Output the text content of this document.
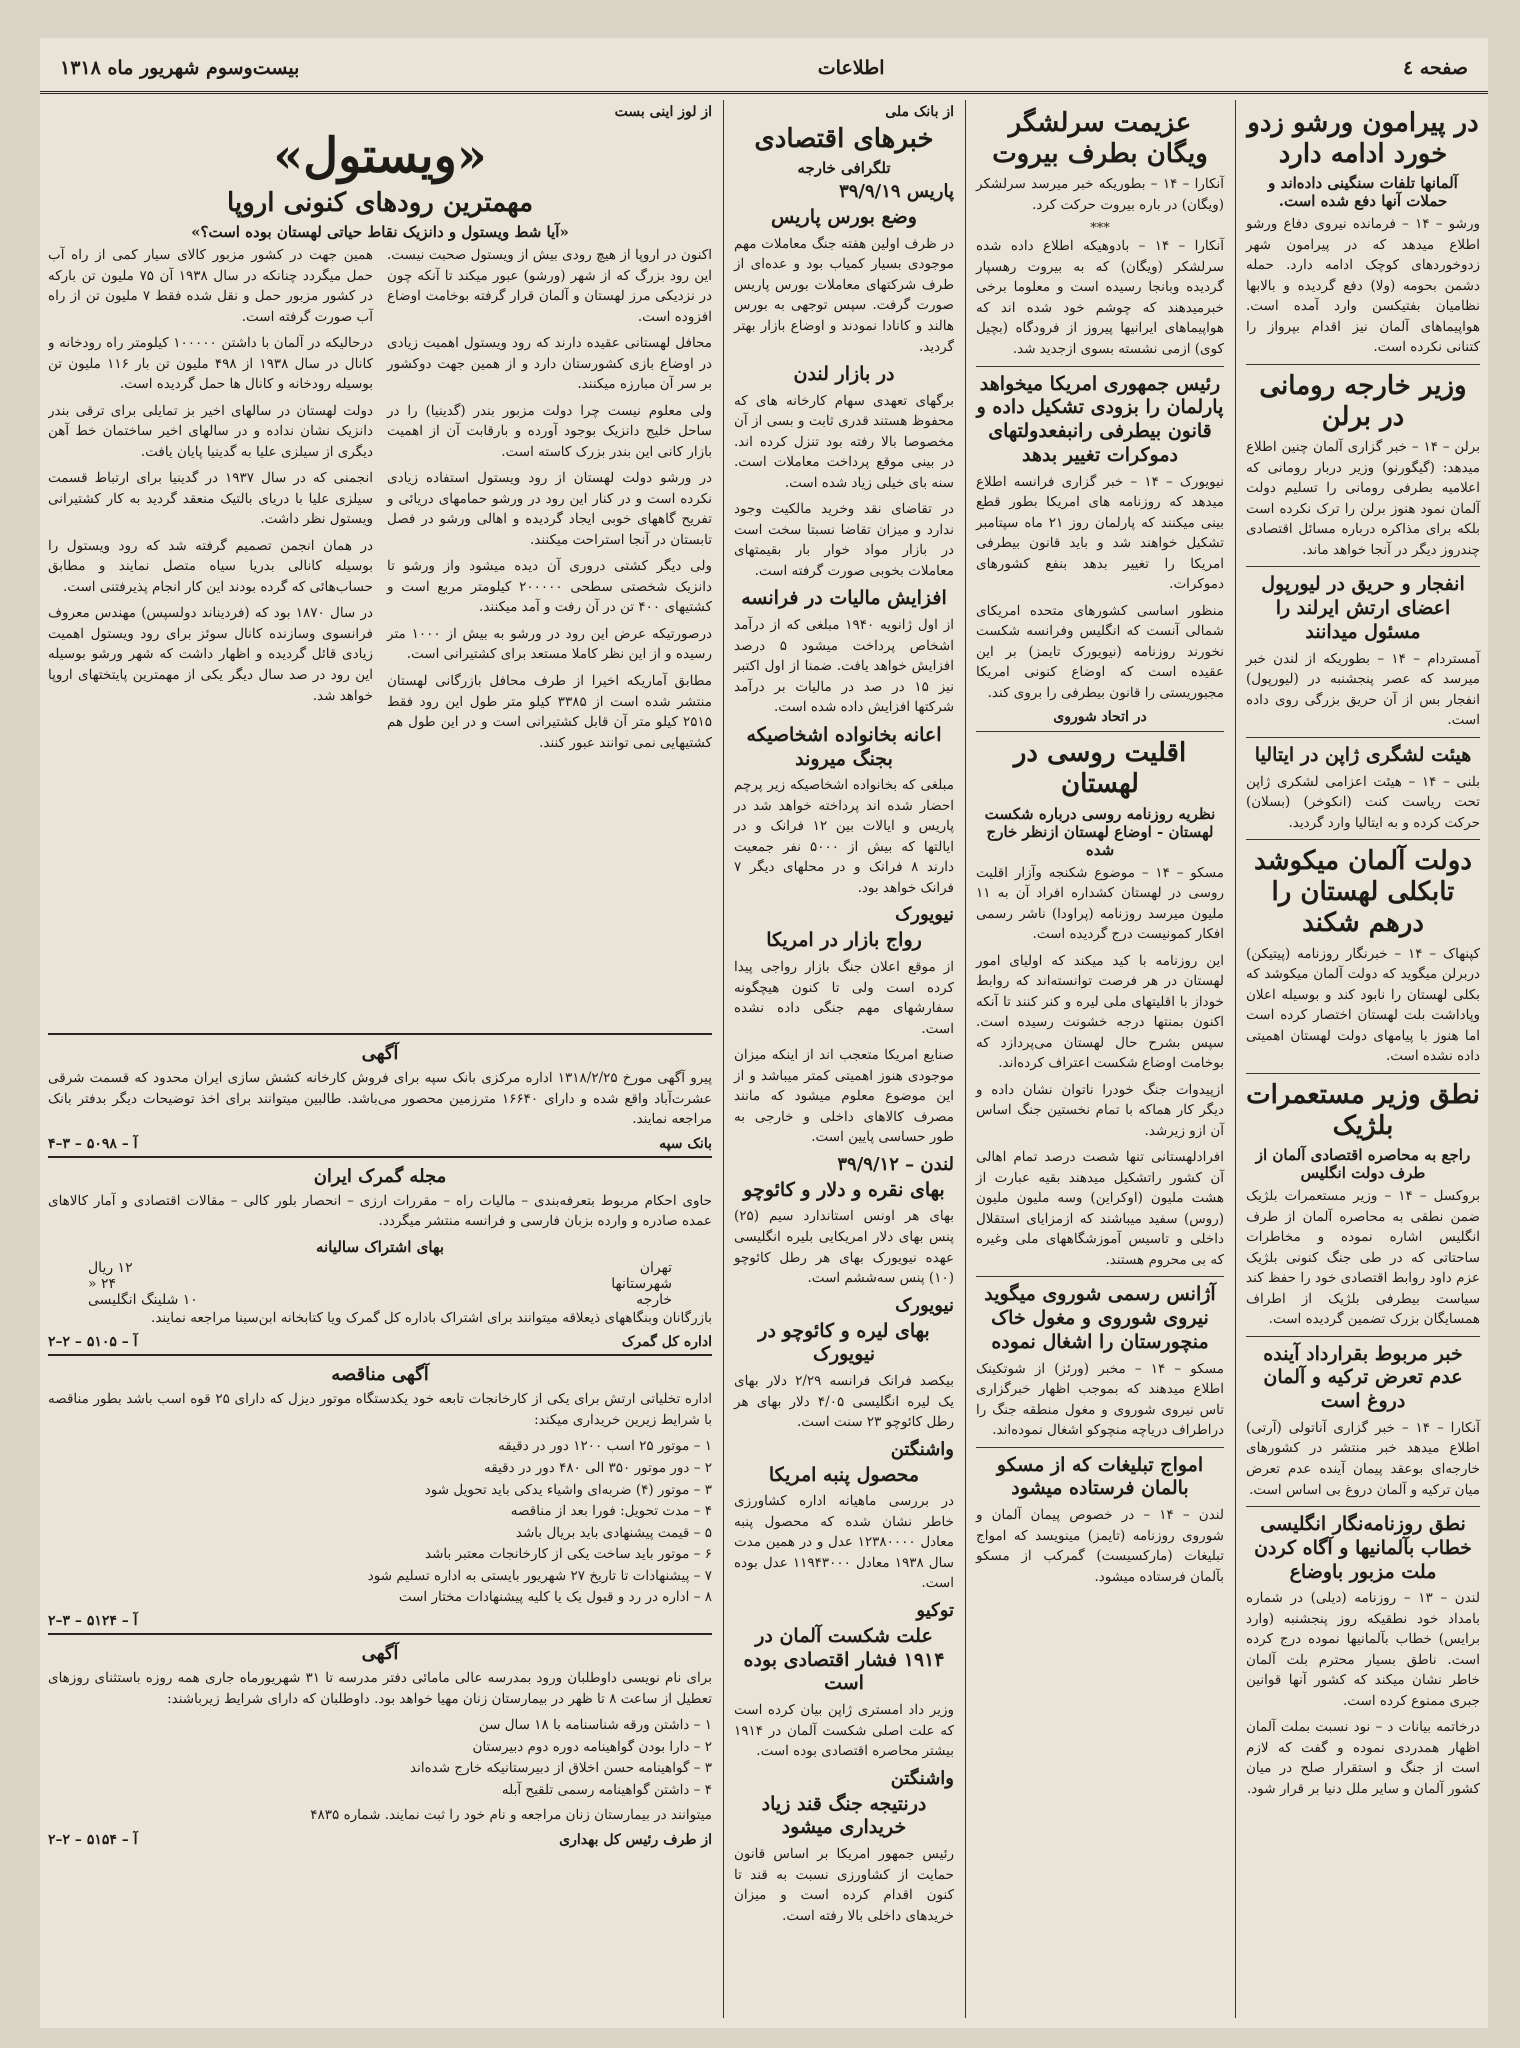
صفحه ٤
اطلاعات
بیست‌وسوم شهریور ماه ۱۳۱۸
در پیرامون ورشو زدو خورد ادامه دارد
آلمانها تلفات سنگینی داده‌اند و حملات آنها دفع شده است.

ورشو – ۱۴ – فرمانده نیروی دفاع ورشو اطلاع میدهد که در پیرامون شهر زدوخوردهای کوچک ادامه دارد. حمله دشمن بحومه (ولا) دفع گردیده و بالابها نظامیان بفتیکسن وارد آمده است. هواپیماهای آلمان نیز اقدام بپرواز را کتنانی نکرده است.

وزیر خارجه رومانی در برلن

برلن – ۱۴ – خبر گزاری آلمان چنین اطلاع میدهد: (گیگورنو) وزیر دربار رومانی که اعلامیه بطرفی رومانی را تسلیم دولت آلمان نمود هنوز برلن را ترک نکرده است بلکه برای مذاکره درباره مسائل اقتصادی چندروز دیگر در آنجا خواهد ماند.

انفجار و حریق در لیورپول اعضای ارتش ایرلند را مسئول میدانند

آمستردام – ۱۴ – بطوریکه از لندن خبر میرسد که عصر پنجشنبه در (لیورپول) انفجار بس از آن حریق بزرگی روی داده است.

هیئت لشگری ژاپن در ایتالیا

بلنی – ۱۴ – هیئت اعزامی لشکری ژاپن تحت ریاست کنت (انکوخر) (بسلان) حرکت کرده و به ایتالیا وارد گردید.

دولت آلمان میکوشد تابکلی لهستان را درهم شکند

کپنهاک – ۱۴ – خبرنگار روزنامه (پیتیکن) دربرلن میگوید که دولت آلمان میکوشد که بکلی لهستان را نابود کند و بوسیله اعلان وپاداشت بلت لهستان اختصار کرده است اما هنوز با پیامهای دولت لهستان اهمیتی داده نشده است.

نطق وزیر مستعمرات بلژیک
راجع به محاصره اقتصادی آلمان از طرف دولت انگلیس

بروکسل – ۱۴ – وزیر مستعمرات بلژیک ضمن نطقی به محاصره آلمان از طرف انگلیس اشاره نموده و مخاطرات ساحتاتی که در طی جنگ کنونی بلژیک عزم داود روابط اقتصادی خود را حفظ کند سیاست بیطرفی بلژیک از اطراف همسایگان بزرک تضمین گردیده است.

خبر مربوط بقرارداد آینده عدم تعرض ترکیه و آلمان دروغ است

آنکارا – ۱۴ – خبر گزاری آناتولی (آرتی) اطلاع میدهد خبر منتشر در کشورهای خارجه‌ای بوعقد پیمان آینده عدم تعرض میان ترکیه و آلمان دروغ بی اساس است.

نطق روزنامه‌نگار انگلیسی خطاب بآلمانیها و آگاه کردن ملت مزبور باوضاع

لندن – ۱۳ – روزنامه (دیلی) در شماره بامداد خود نطقیکه روز پنجشنبه (وارد برایس) خطاب بآلمانیها نموده درج کرده است. ناطق بسیار محترم بلت آلمان خاطر نشان میکند که کشور آنها قوانین جبری ممنوع کرده است.

درخاتمه بیانات د – نود نسبت بملت آلمان اظهار همدردی نموده و گفت که لازم است از جنگ و استقرار صلح در میان کشور آلمان و سایر ملل دنیا بر قرار شود.

عزیمت سرلشگر ویگان بطرف بیروت

آنکارا – ۱۴ – بطوریکه خبر میرسد سرلشکر (ویگان) در باره بیروت حرکت کرد.

***

آنکارا – ۱۴ – بادوهیکه اطلاع داده شده سرلشکر (ویگان) که به بیروت رهسپار گردیده وبانجا رسیده است و معلوما برخی خبرمیدهند که چوشم خود شده اند که هواپیماهای ایرانیها پیروز از فرودگاه (بچیل کوی) ازمی نشسته بسوی ازجدید شد.

رئیس جمهوری امریکا میخواهد پارلمان را بزودی تشکیل داده و قانون بیطرفی رانبفعدولتهای دموکرات تغییر بدهد

نیویورک – ۱۴ – خبر گزاری فرانسه اطلاع میدهد که روزنامه های امریکا بطور قطع بینی میکنند که پارلمان روز ۲۱ ماه سپتامبر تشکیل خواهند شد و باید قانون بیطرفی امریکا را تغییر بدهد بنفع کشورهای دموکرات.

منظور اساسی کشورهای متحده امریکای شمالی آنست که انگلیس وفرانسه شکست نخورند روزنامه (نیویورک تایمز) بر این عقیده است که اوضاع کنونی امریکا مجبوریستی را قانون بیطرفی را بروی کند.

در اتحاد شوروی
اقلیت روسی در لهستان
نظریه روزنامه روسی درباره شکست لهستان - اوضاع لهستان ازنظر خارج شده

مسکو – ۱۴ – موضوع شکنجه وآزار اقلیت روسی در لهستان کشداره افراد آن به ۱۱ ملیون میرسد روزنامه (پراودا) ناشر رسمی افکار کمونیست درج گردیده است.

این روزنامه با کید میکند که اولیای امور لهستان در هر فرصت توانسته‌اند که روابط خوداز با اقلیتهای ملی لیره و کنر کنند تا آنکه اکنون بمنتها درجه خشونت رسیده است. سپس بشرح حال لهستان می‌پردازد که بوخامت اوضاع شکست اعتراف کرده‌اند.

ازپیدوات جنگ خودرا ناتوان نشان داده و دیگر کار هماکه با تمام نخستین جنگ اساس آن ازو زیرشد.

افرادلهستانی تنها شصت درصد تمام اهالی آن کشور راتشکیل میدهند بقیه عبارت از هشت ملیون (اوکراین) وسه ملیون ملیون (روس) سفید میباشند که ازمزایای استقلال داخلی و تاسیس آموزشگاههای ملی وغیره که بی محروم هستند.

آژانس رسمی شوروی میگوید نیروی شوروی و مغول خاک منچورستان را اشغال نموده

مسکو – ۱۴ – مخبر (ورئز) از شوتکینک اطلاع میدهند که بموجب اظهار خبرگزاری تاس نیروی شوروی و مغول منطقه جنگ را دراطراف دریاچه منچوکو اشغال نموده‌اند.

امواج تبلیغات که از مسکو بالمان فرستاده میشود

لندن – ۱۴ – در خصوص پیمان آلمان و شوروی روزنامه (تایمز) مینویسد که امواج تبلیغات (مارکسیست) گمرکب از مسکو بآلمان فرستاده میشود.

از بانک ملی
خبرهای اقتصادی
تلگرافی خارجه
پاریس ۳۹/۹/۱۹
وضع بورس پاریس

در ظرف اولین هفته جنگ معاملات مهم موجودی بسیار کمیاب بود و عده‌ای از طرف شرکتهای معاملات بورس پاریس صورت گرفت. سپس توجهی به بورس هالند و کانادا نمودند و اوضاع بازار بهتر گردید.

در بازار لندن

برگهای تعهدی سهام کارخانه های که محفوظ هستند قدری ثابت و بسی از آن مخصوصا بالا رفته بود تنزل کرده اند. در بینی موقع پرداخت معاملات است. سنه بای خیلی زیاد شده است.

در تقاضای نقد وخرید مالکیت وجود ندارد و میزان تقاضا نسبتا سخت است در بازار مواد خوار بار بقیمتهای معاملات بخوبی صورت گرفته است.

افزایش مالیات در فرانسه

از اول ژانویه ۱۹۴۰ مبلغی که از درآمد اشخاص پرداخت میشود ۵ درصد افزایش خواهد یافت. ضمنا از اول اکتبر نیز ۱۵ در صد در مالیات بر درآمد شرکتها افزایش داده شده است.

اعانه بخانواده اشخاصیکه بجنگ میروند

مبلغی که بخانواده اشخاصیکه زیر پرچم احضار شده اند پرداخته خواهد شد در پاریس و ایالات بین ۱۲ فرانک و در ایالتها که بیش از ۵۰۰۰ نفر جمعیت دارند ۸ فرانک و در محلهای دیگر ۷ فرانک خواهد بود.

نیویورک
رواج بازار در امریکا

از موقع اعلان جنگ بازار رواجی پیدا کرده است ولی تا کنون هیچگونه سفارشهای مهم جنگی داده نشده است.

صنایع امریکا متعجب اند از اینکه میزان موجودی هنوز اهمیتی کمتر میباشد و از این موضوع معلوم میشود که مانند مصرف کالاهای داخلی و خارجی به طور حساسی پایین است.

لندن – ۳۹/۹/۱۲
بهای نقره و دلار و کائوچو

بهای هر اونس استاندارد سیم (۲۵) پنس بهای دلار امریکایی بلیره انگلیسی عهده نیویورک بهای هر رطل کائوچو (۱۰) پنس سه‌ششم است.

نیویورک
بهای لیره و کائوچو در نیویورک

بیکصد فرانک فرانسه ۲/۲۹ دلار بهای یک لیره انگلیسی ۴/۰۵ دلار بهای هر رطل کائوچو ۲۳ سنت است.

واشنگتن
محصول پنبه امریکا

در بررسی ماهیانه اداره کشاورزی خاطر نشان شده که محصول پنبه معادل ۱۲۳۸۰۰۰۰ عدل و در همین مدت سال ۱۹۳۸ معادل ۱۱۹۴۳۰۰۰ عدل بوده است.

توکیو
علت شکست آلمان در ۱۹۱۴ فشار اقتصادی بوده است

وزیر داد امستری ژاپن بیان کرده است که علت اصلی شکست آلمان در ۱۹۱۴ بیشتر محاصره اقتصادی بوده است.

واشنگتن
درنتیجه جنگ قند زیاد خریداری میشود

رئیس جمهور امریکا بر اساس قانون حمایت از کشاورزی نسبت به قند تا کنون اقدام کرده است و میزان خریدهای داخلی بالا رفته است.

از لوز اینی بست
«ویستول»
مهمترین رودهای کنونی اروپا
«آیا شط ویستول و دانزیک نقاط حیاتی لهستان بوده است؟»

اکنون در اروپا از هیچ رودی بیش از ویستول صحبت نیست. این رود بزرگ که از شهر (ورشو) عبور میکند تا آنکه چون در نزدیکی مرز لهستان و آلمان قرار گرفته بوخامت اوضاع افزوده است.

محافل لهستانی عقیده دارند که رود ویستول اهمیت زیادی در اوضاع بازی کشورستان دارد و از همین جهت دوکشور بر سر آن مبارزه میکنند.

ولی معلوم نیست چرا دولت مزبور بندر (گدینیا) را در ساحل خلیج دانزیک بوجود آورده و بارقابت آن از اهمیت بازار کانی این بندر بزرک کاسته است.

در ورشو دولت لهستان از رود ویستول استفاده زیادی نکرده است و در کنار این رود در ورشو حمامهای دریائی و تفریح گاههای خوبی ایجاد گردیده و اهالی ورشو در فصل تابستان در آنجا استراحت میکنند.

ولی دیگر کشتی دروری آن دیده میشود واز ورشو تا دانزیک شخصتی سطحی ۲۰۰۰۰۰ کیلومتر مربع است و کشتیهای ۴۰۰ تن در آن رفت و آمد میکنند.

درصورتیکه عرض این رود در ورشو به بیش از ۱۰۰۰ متر رسیده و از این نظر کاملا مستعد برای کشتیرانی است.

مطابق آماریکه اخیرا از طرف محافل بازرگانی لهستان منتشر شده است از ۳۳۸۵ کیلو متر طول این رود فقط ۲۵۱۵ کیلو متر آن قابل کشتیرانی است و در این طول هم کشتیهایی نمی توانند عبور کنند.

همین جهت در کشور مزبور کالای سیار کمی از راه آب حمل میگردد چنانکه در سال ۱۹۳۸ آن ۷۵ ملیون تن بارکه در کشور مزبور حمل و نقل شده فقط ۷ ملیون تن از راه آب صورت گرفته است.

درحالیکه در آلمان با داشتن ۱۰۰۰۰۰ کیلومتر راه رودخانه و کانال در سال ۱۹۳۸ از ۴۹۸ ملیون تن بار ۱۱۶ ملیون تن بوسیله رودخانه و کانال ها حمل گردیده است.

دولت لهستان در سالهای اخیر بز تمایلی برای ترقی بندر دانزیک نشان نداده و در سالهای اخیر ساختمان خط آهن دیگری از سیلزی علیا به گدینیا پایان یافت.

انجمنی که در سال ۱۹۳۷ در گدینیا برای ارتباط قسمت سیلزی علیا با دریای بالتیک منعقد گردید به کار کشتیرانی ویستول نظر داشت.

در همان انجمن تصمیم گرفته شد که رود ویستول را بوسیله کانالی بدریا سیاه متصل نمایند و مطابق حساب‌هائی که گرده بودند این کار انجام پذیرفتنی است.

در سال ۱۸۷۰ بود که (فردیناند دولسپس) مهندس معروف فرانسوی وسازنده کانال سوئز برای رود ویستول اهمیت زیادی قائل گردیده و اظهار داشت که شهر ورشو بوسیله این رود در صد سال دیگر یکی از مهمترین پایتختهای اروپا خواهد شد.

آگهی

پیرو آگهی مورخ ۱۳۱۸/۲/۲۵ اداره مرکزی بانک سپه برای فروش کارخانه کشش سازی ایران محدود که قسمت شرقی عشرت‌آباد واقع شده و دارای ۱۶۶۴۰ مترزمین محصور می‌باشد. طالبین میتوانند برای اخذ توضیحات دیگر بدفتر بانک مراجعه نمایند.

بانک سپه
آ – ۵۰۹۸ – ۳–۴
مجله گمرک ایران

حاوی احکام مربوط بتعرفه‌بندی – مالیات راه – مقررات ارزی – انحصار بلور کالی – مقالات اقتصادی و آمار کالاهای عمده صادره و وارده بزبان فارسی و فرانسه منتشر میگردد.

بهای اشتراک سالیانه
تهران
۱۲ ریال
شهرستانها
۲۴ «
خارجه
۱۰ شلینگ انگلیسی

بازرگانان وبنگاههای ذیعلاقه میتوانند برای اشتراک باداره کل گمرک ویا کتابخانه ابن‌سینا مراجعه نمایند.

اداره کل گمرک
آ – ۵۱۰۵ – ۲–۲
آگهی مناقصه

اداره تخلیاتی ارتش برای یکی از کارخانجات تابعه خود یکدستگاه موتور دیزل که دارای ۲۵ قوه اسب باشد بطور مناقصه با شرایط زیرین خریداری میکند:

۱ – موتور ۲۵ اسب ۱۲۰۰ دور در دقیقه
۲ – دور موتور ۳۵۰ الی ۴۸۰ دور در دقیقه
۳ – موتور (۴) ضربه‌ای واشیاء یدکی باید تحویل شود
۴ – مدت تحویل: فورا بعد از مناقصه
۵ – قیمت پیشنهادی باید بریال باشد
۶ – موتور باید ساخت یکی از کارخانجات معتبر باشد
۷ – پیشنهادات تا تاریخ ۲۷ شهریور بایستی به اداره تسلیم شود
۸ – اداره در رد و قبول یک یا کلیه پیشنهادات مختار است
آ – ۵۱۲۴ – ۳–۲
آگهی

برای نام نویسی داوطلبان ورود بمدرسه عالی مامائی دفتر مدرسه تا ۳۱ شهریورماه جاری همه روزه باستثنای روزهای تعطیل از ساعت ۸ تا ظهر در بیمارستان زنان مهیا خواهد بود. داوطلبان که دارای شرایط زیرباشند:

۱ – داشتن ورقه شناسنامه با ۱۸ سال سن
۲ – دارا بودن گواهینامه دوره دوم دبیرستان
۳ – گواهینامه حسن اخلاق از دبیرستانیکه خارج شده‌اند
۴ – داشتن گواهینامه رسمی تلقیح آبله

میتوانند در بیمارستان زنان مراجعه و نام خود را ثبت نمایند. شماره ۴۸۳۵

از طرف رئیس کل بهداری
آ – ۵۱۵۴ – ۲–۲
